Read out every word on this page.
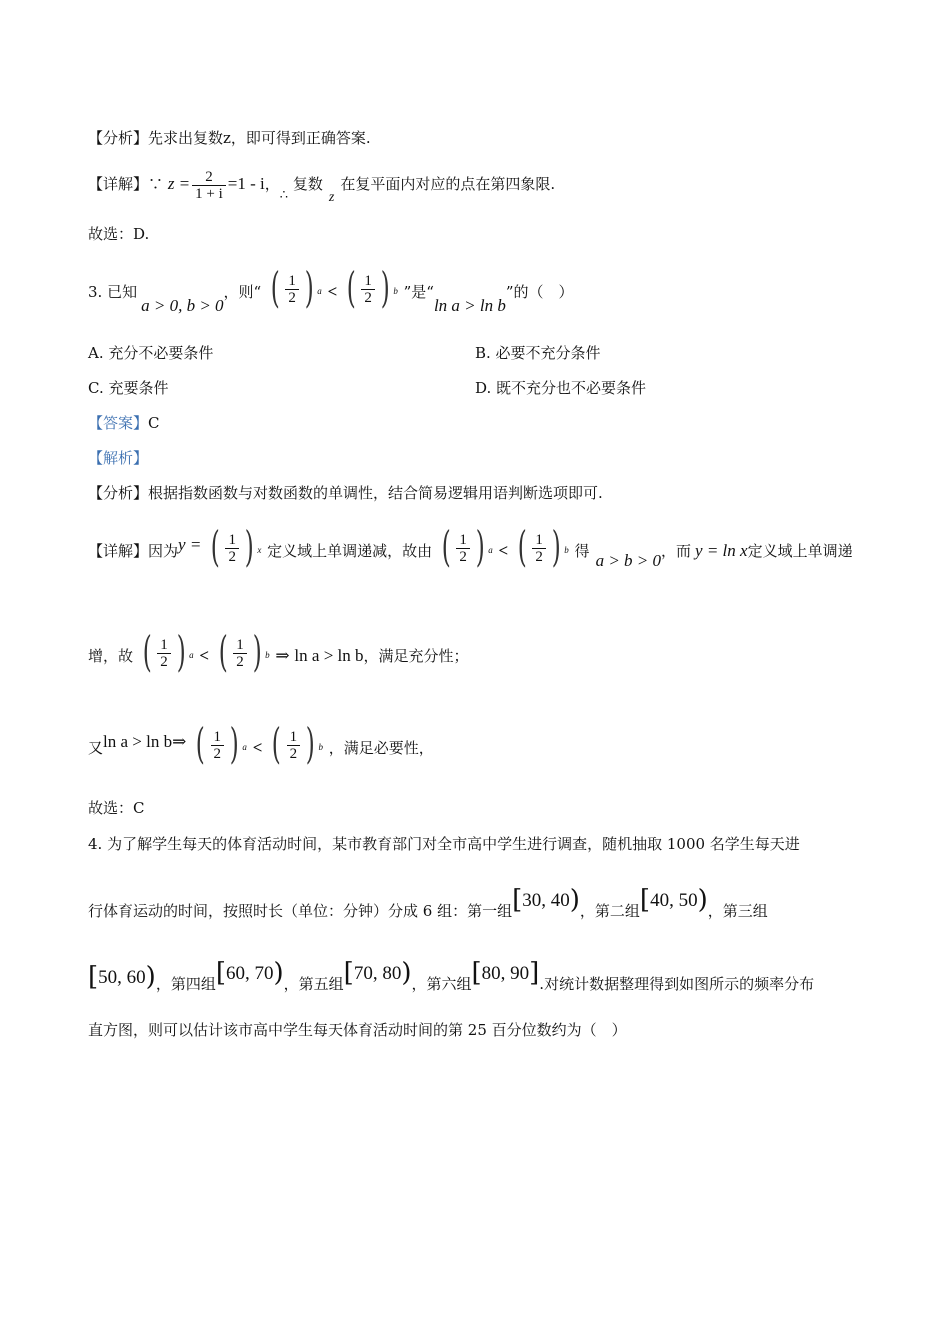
【分析】先求出复数z，即可得到正确答案.
【详解】∵ $z = \frac{2}{1 + i} =1 - i$，∴ 复数z在复平面内对应的点在第四象限.
故选：D.
3. 已知a > 0, b > 0，则“ ( $\frac{1}{2}$ ) a < ( $\frac{1}{2}$ ) b ”是“ln a > ln b”的（　）
A. 充分不必要条件	B. 必要不充分条件
C. 充要条件	D. 既不充分也不必要条件
【答案】C
【解析】
【分析】根据指数函数与对数函数的单调性，结合简易逻辑用语判断选项即可.
【详解】因为y = ( $\frac{1}{2}$ ) x 定义域上单调递减，故由 ( $\frac{1}{2}$ ) a < ( $\frac{1}{2}$ ) b 得 a > b > 0，而 y = ln x定义域上单调递
增，故 ( $\frac{1}{2}$ ) a < ( $\frac{1}{2}$ ) b ⇒ ln a > ln b，满足充分性；
又ln a > ln b⇒ ( $\frac{1}{2}$ ) a < ( $\frac{1}{2}$ ) b ，满足必要性，
故选：C
4. 为了解学生每天的体育活动时间，某市教育部门对全市高中学生进行调查，随机抽取 1000 名学生每天进
行体育运动的时间，按照时长（单位：分钟）分成 6 组：第一组[30, 40)，第二组[40, 50)，第三组
[50, 60)，第四组[60, 70)，第五组[70, 80)，第六组[80, 90].对统计数据整理得到如图所示的频率分布
直方图，则可以估计该市高中学生每天体育活动时间的第 25 百分位数约为（　）
